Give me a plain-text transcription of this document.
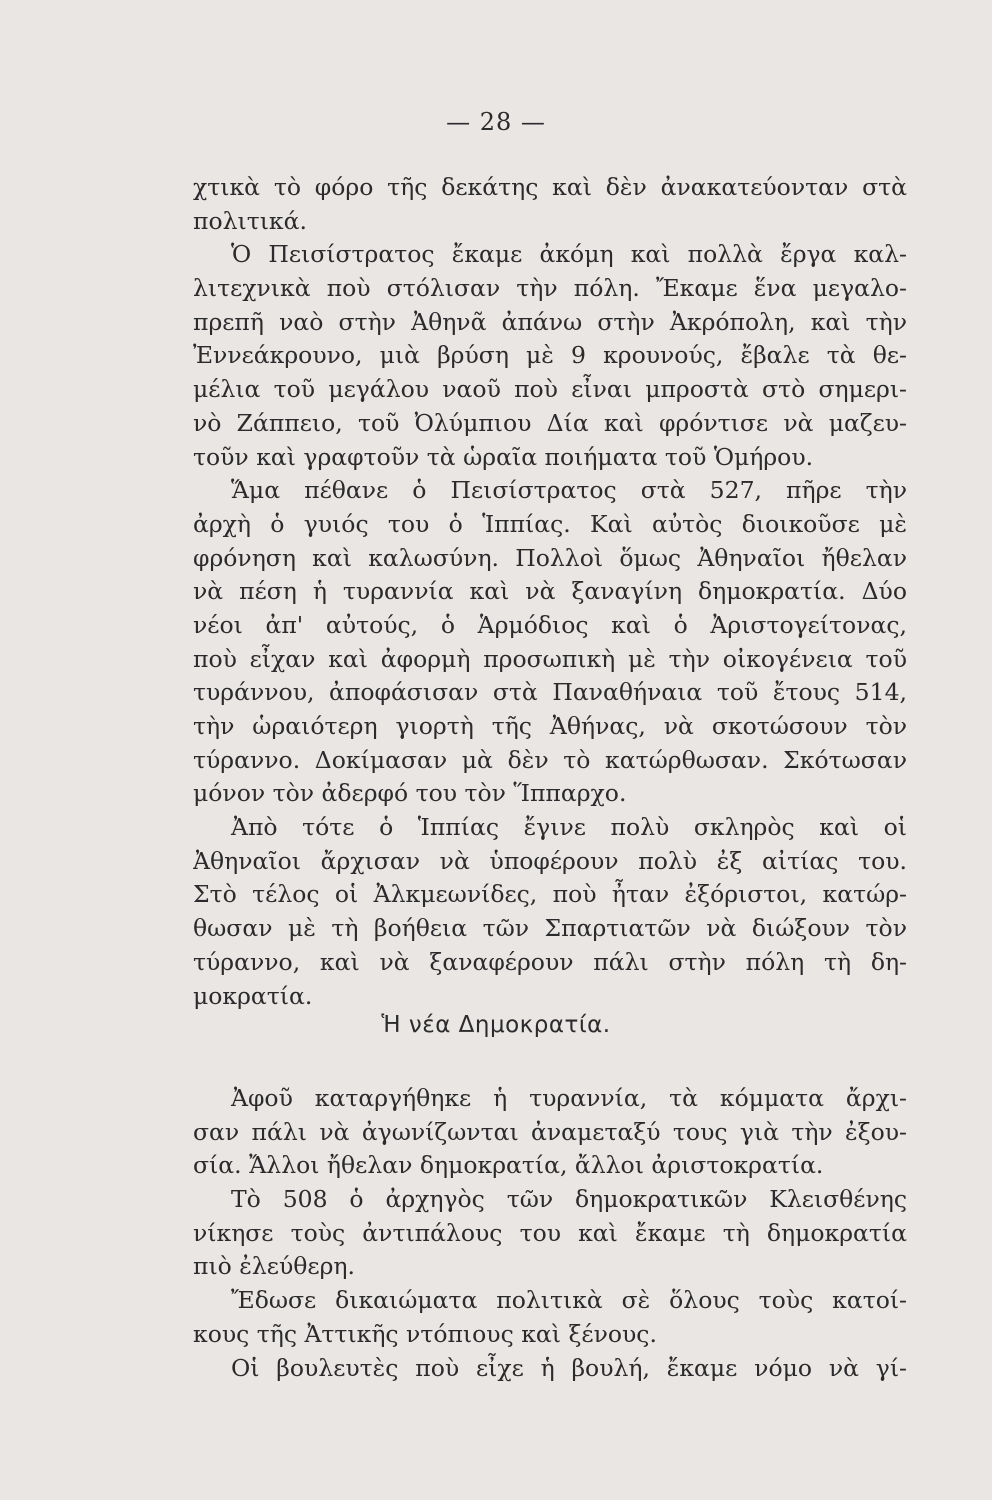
— 28 —
χτικὰ τὸ φόρο τῆς δεκάτης καὶ δὲν ἀνακατεύονταν στὰ
πολιτικά.
Ὁ Πεισίστρατος ἔκαμε ἀκόμη καὶ πολλὰ ἔργα καλ-
λιτεχνικὰ ποὺ στόλισαν τὴν πόλη. Ἔκαμε ἕνα μεγαλο-
πρεπῆ ναὸ στὴν Ἀθηνᾶ ἀπάνω στὴν Ἀκρόπολη, καὶ τὴν
Ἐννεάκρουνο, μιὰ βρύση μὲ 9 κρουνούς, ἔβαλε τὰ θε-
μέλια τοῦ μεγάλου ναοῦ ποὺ εἶναι μπροστὰ στὸ σημερι-
νὸ Ζάππειο, τοῦ Ὀλύμπιου Δία καὶ φρόντισε νὰ μαζευ-
τοῦν καὶ γραφτοῦν τὰ ὡραῖα ποιήματα τοῦ Ὁμήρου.
Ἅμα πέθανε ὁ Πεισίστρατος στὰ 527, πῆρε τὴν
ἀρχὴ ὁ γυιός του ὁ Ἱππίας. Καὶ αὐτὸς διοικοῦσε μὲ
φρόνηση καὶ καλωσύνη. Πολλοὶ ὅμως Ἀθηναῖοι ἤθελαν
νὰ πέση ἡ τυραννία καὶ νὰ ξαναγίνη δημοκρατία. Δύο
νέοι ἀπ' αὐτούς, ὁ Ἁρμόδιος καὶ ὁ Ἀριστογείτονας,
ποὺ εἶχαν καὶ ἀφορμὴ προσωπικὴ μὲ τὴν οἰκογένεια τοῦ
τυράννου, ἀποφάσισαν στὰ Παναθήναια τοῦ ἔτους 514,
τὴν ὡραιότερη γιορτὴ τῆς Ἀθήνας, νὰ σκοτώσουν τὸν
τύραννο. Δοκίμασαν μὰ δὲν τὸ κατώρθωσαν. Σκότωσαν
μόνον τὸν ἀδερφό του τὸν Ἵππαρχο.
Ἀπὸ τότε ὁ Ἱππίας ἔγινε πολὺ σκληρὸς καὶ οἱ
Ἀθηναῖοι ἄρχισαν νὰ ὑποφέρουν πολὺ ἐξ αἰτίας του.
Στὸ τέλος οἱ Ἀλκμεωνίδες, ποὺ ἦταν ἐξόριστοι, κατώρ-
θωσαν μὲ τὴ βοήθεια τῶν Σπαρτιατῶν νὰ διώξουν τὸν
τύραννο, καὶ νὰ ξαναφέρουν πάλι στὴν πόλη τὴ δη-
μοκρατία.
Ἡ νέα Δημοκρατία.
Ἀφοῦ καταργήθηκε ἡ τυραννία, τὰ κόμματα ἄρχι-
σαν πάλι νὰ ἀγωνίζωνται ἀναμεταξύ τους γιὰ τὴν ἐξου-
σία. Ἄλλοι ἤθελαν δημοκρατία, ἄλλοι ἀριστοκρατία.
Τὸ 508 ὁ ἀρχηγὸς τῶν δημοκρατικῶν Κλεισθένης
νίκησε τοὺς ἀντιπάλους του καὶ ἔκαμε τὴ δημοκρατία
πιὸ ἐλεύθερη.
Ἔδωσε δικαιώματα πολιτικὰ σὲ ὅλους τοὺς κατοί-
κους τῆς Ἀττικῆς ντόπιους καὶ ξένους.
Οἱ βουλευτὲς ποὺ εἶχε ἡ βουλή, ἔκαμε νόμο νὰ γί-
